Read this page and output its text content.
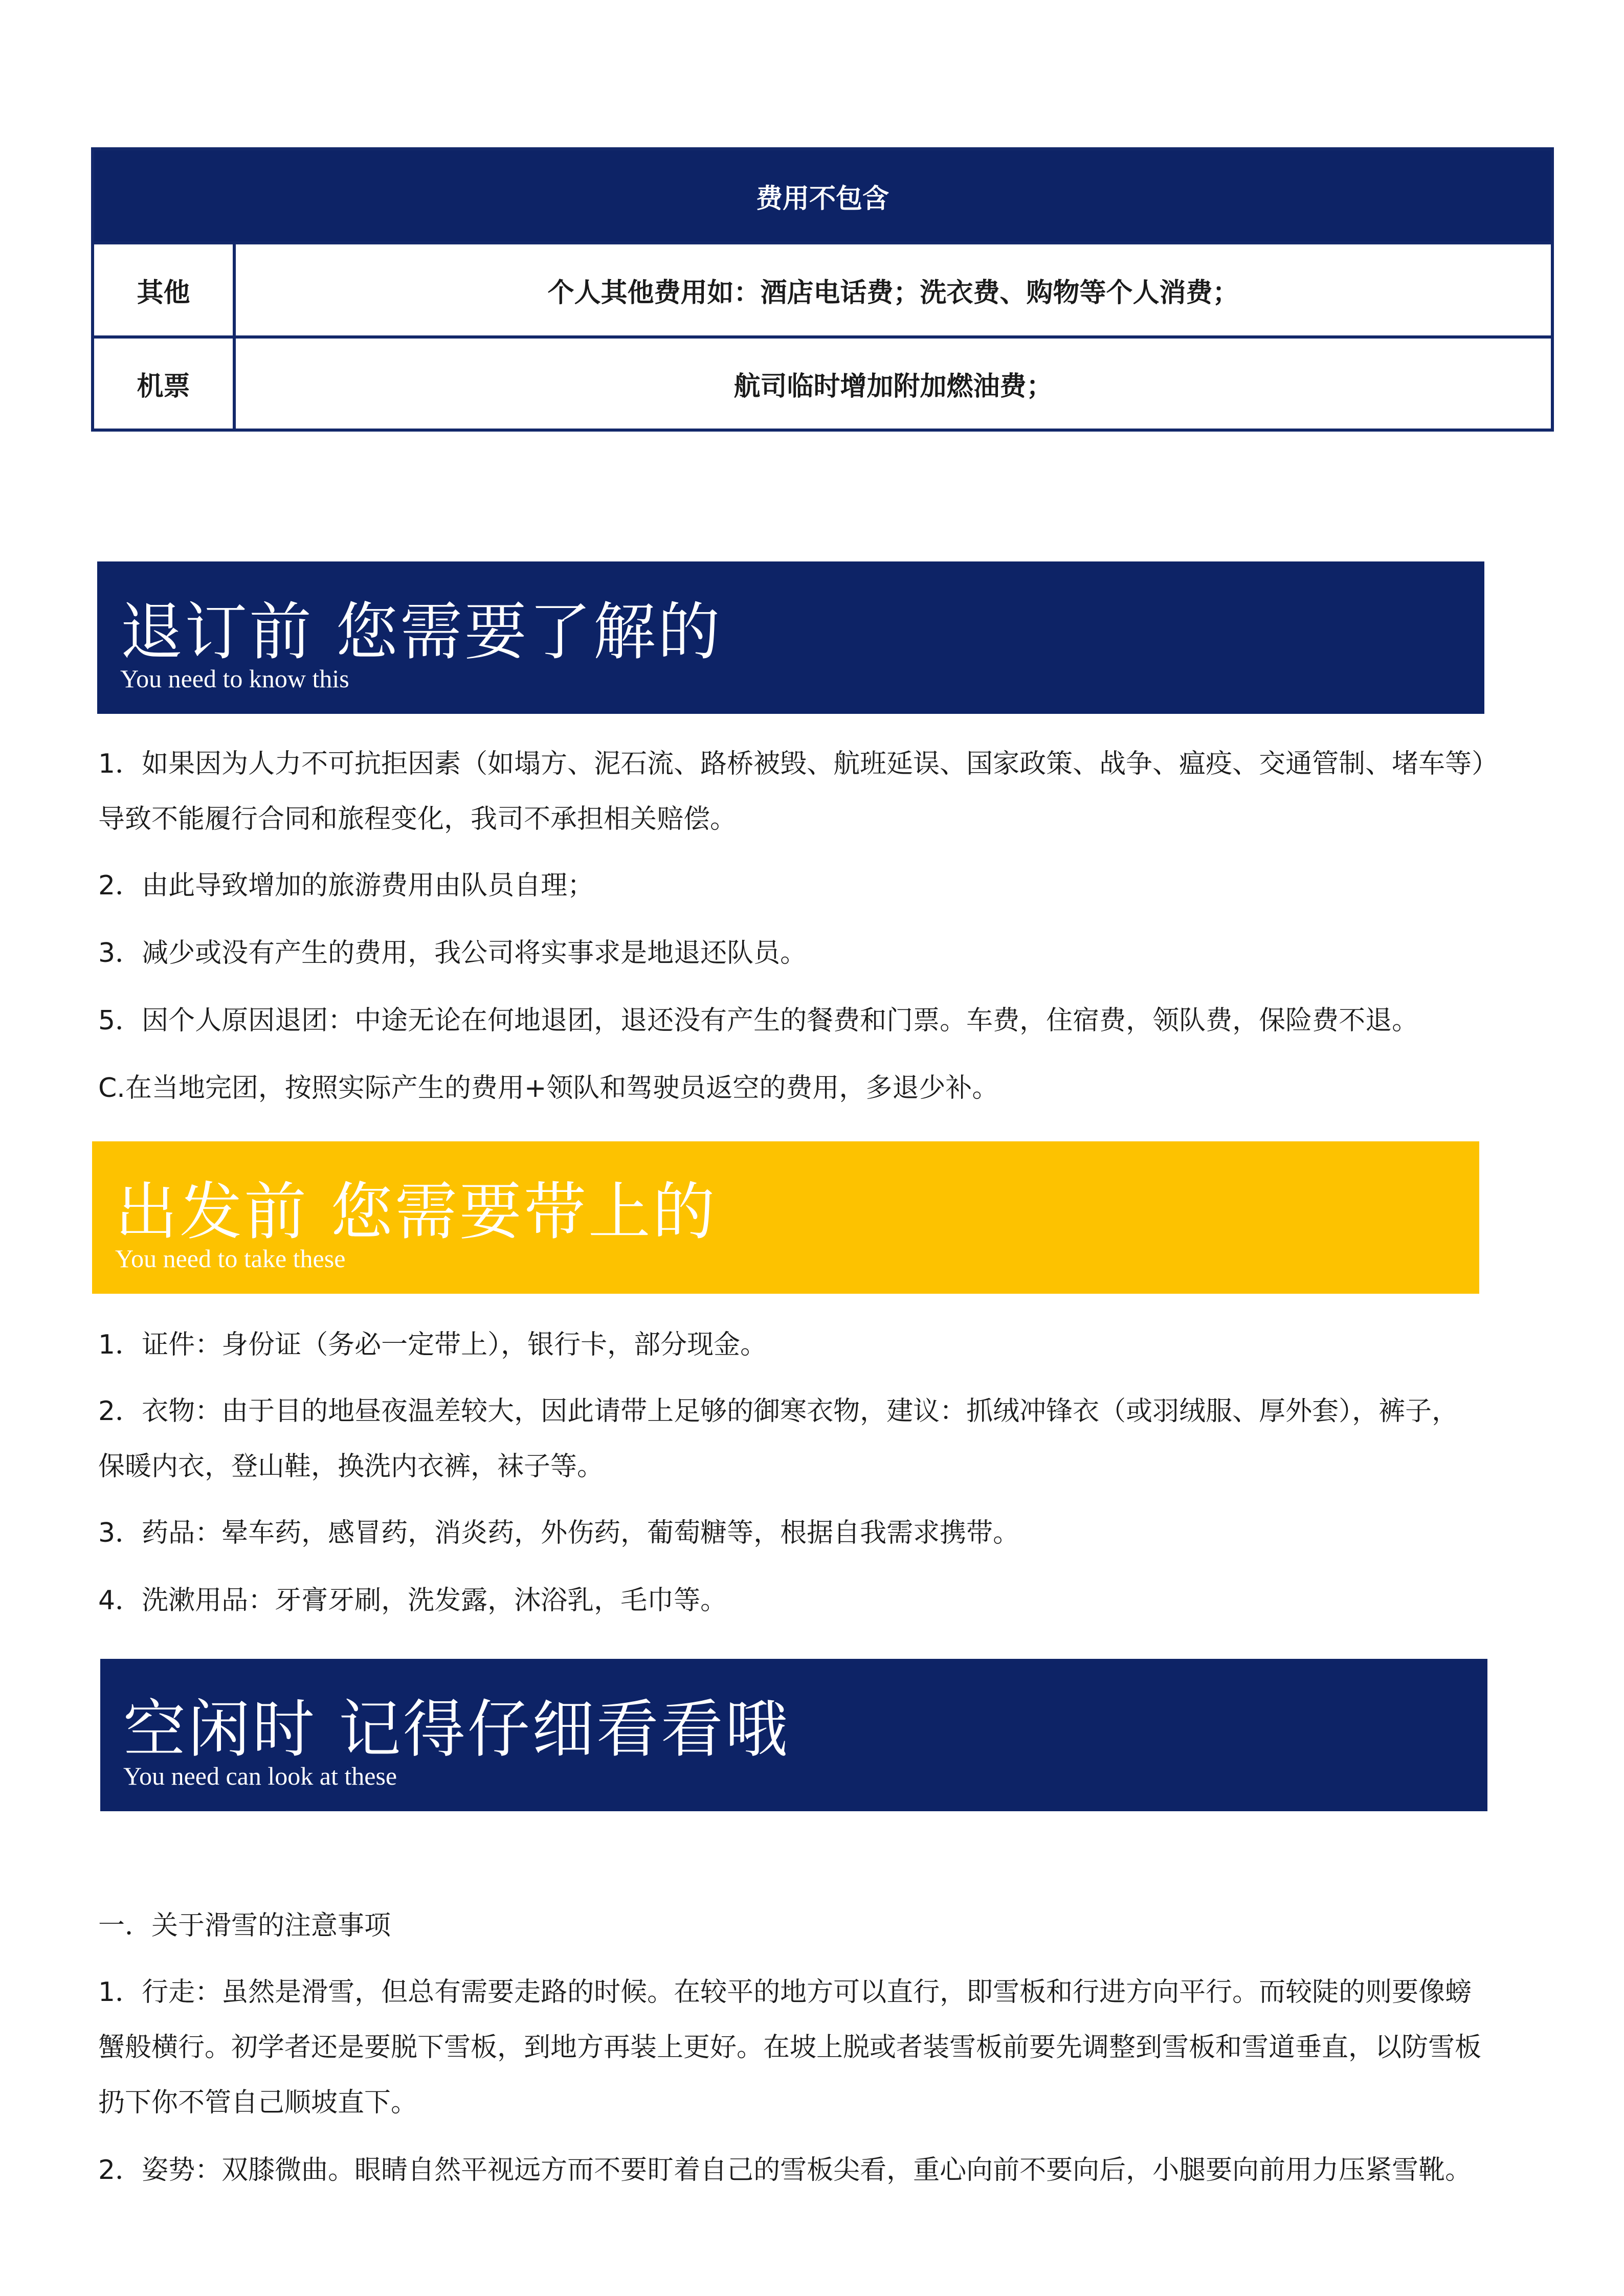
费用不包含
其他	个人其他费用如：酒店电话费；洗衣费、购物等个人消费；
机票	航司临时增加附加燃油费；
退订前 您需要了解的
You need to know this
1．如果因为人力不可抗拒因素（如塌方、泥石流、路桥被毁、航班延误、国家政策、战争、瘟疫、交通管制、堵车等）
导致不能履行合同和旅程变化，我司不承担相关赔偿。
2．由此导致增加的旅游费用由队员自理；
3．减少或没有产生的费用，我公司将实事求是地退还队员。
5．因个人原因退团：中途无论在何地退团，退还没有产生的餐费和门票。车费，住宿费，领队费，保险费不退。
C.在当地完团，按照实际产生的费用+领队和驾驶员返空的费用，多退少补。
出发前 您需要带上的
You need to take these
1．证件：身份证（务必一定带上），银行卡，部分现金。
2．衣物：由于目的地昼夜温差较大，因此请带上足够的御寒衣物，建议：抓绒冲锋衣（或羽绒服、厚外套），裤子，
保暖内衣，登山鞋，换洗内衣裤，袜子等。
3．药品：晕车药，感冒药，消炎药，外伤药，葡萄糖等，根据自我需求携带。
4．洗漱用品：牙膏牙刷，洗发露，沐浴乳，毛巾等。
空闲时 记得仔细看看哦
You need can look at these
一．关于滑雪的注意事项
1．行走：虽然是滑雪，但总有需要走路的时候。在较平的地方可以直行，即雪板和行进方向平行。而较陡的则要像螃
蟹般横行。初学者还是要脱下雪板，到地方再装上更好。在坡上脱或者装雪板前要先调整到雪板和雪道垂直，以防雪板
扔下你不管自己顺坡直下。
2．姿势：双膝微曲。眼睛自然平视远方而不要盯着自己的雪板尖看，重心向前不要向后，小腿要向前用力压紧雪靴。
